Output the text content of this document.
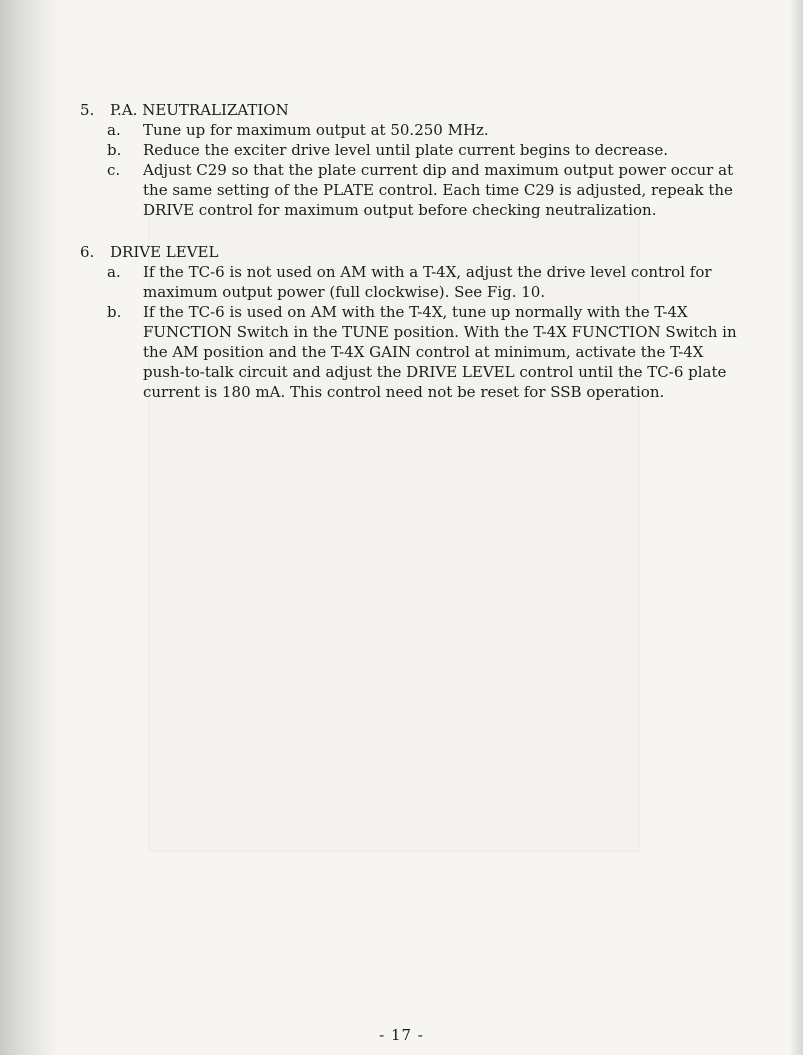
5.	P.A. NEUTRALIZATION
a.	Tune up for maximum output at 50.250 MHz.
b.	Reduce the exciter drive level until plate current begins to decrease.
c.	Adjust C29 so that the plate current dip and maximum output power occur at the same setting of the PLATE control. Each time C29 is adjusted, repeak the DRIVE control for maximum output before checking neutralization.
6.	DRIVE LEVEL
a.	If the TC-6 is not used on AM with a T-4X, adjust the drive level control for maximum output power (full clockwise). See Fig. 10.
b.	If the TC-6 is used on AM with the T-4X, tune up normally with the T-4X FUNCTION Switch in the TUNE position. With the T-4X FUNCTION Switch in the AM position and the T-4X GAIN control at minimum, activate the T-4X push-to-talk circuit and adjust the DRIVE LEVEL control until the TC-6 plate current is 180 mA. This control need not be reset for SSB operation.
- 17 -
